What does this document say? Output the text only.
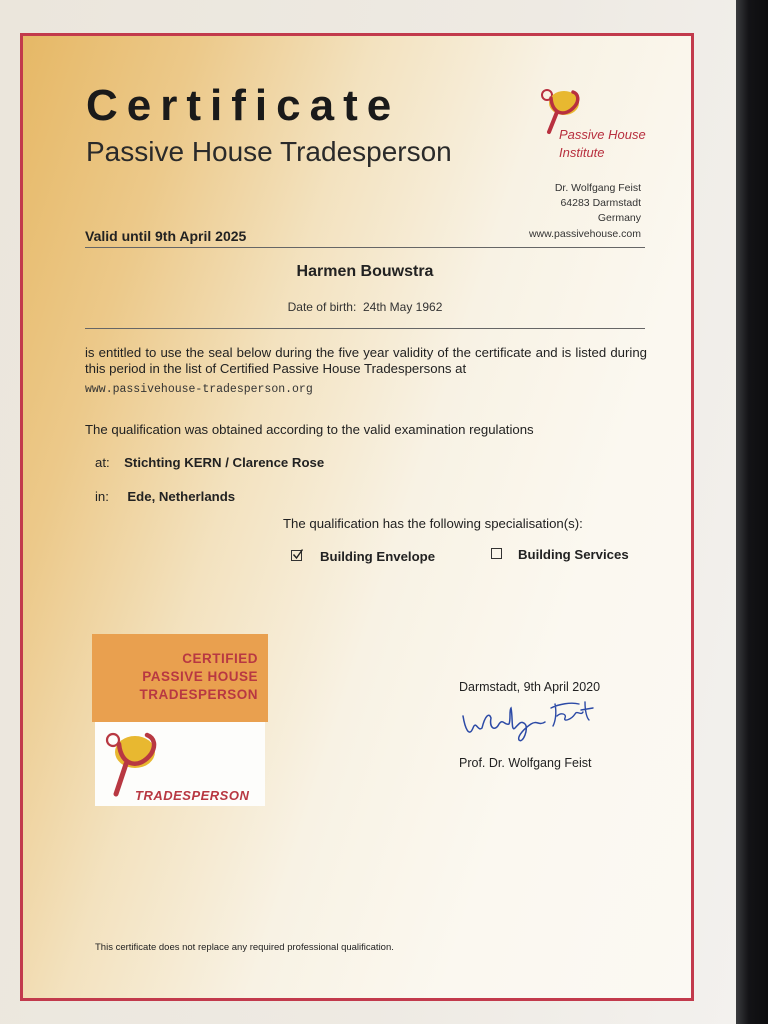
Certificate
Passive House Tradesperson
Passive House
Institute
Dr. Wolfgang Feist
64283 Darmstadt
Germany
www.passivehouse.com
Valid until 9th April 2025
Harmen Bouwstra
Date of birth: 24th May 1962
is entitled to use the seal below during the five year validity of the certificate and is listed during this period in the list of Certified Passive House Tradespersons at
www.passivehouse-tradesperson.org
The qualification was obtained according to the valid examination regulations
at: Stichting KERN / Clarence Rose
in: Ede, Netherlands
The qualification has the following specialisation(s):
Building Envelope	Building Services
CERTIFIED
PASSIVE HOUSE
TRADESPERSON
TRADESPERSON
Darmstadt, 9th April 2020
Prof. Dr. Wolfgang Feist
This certificate does not replace any required professional qualification.
